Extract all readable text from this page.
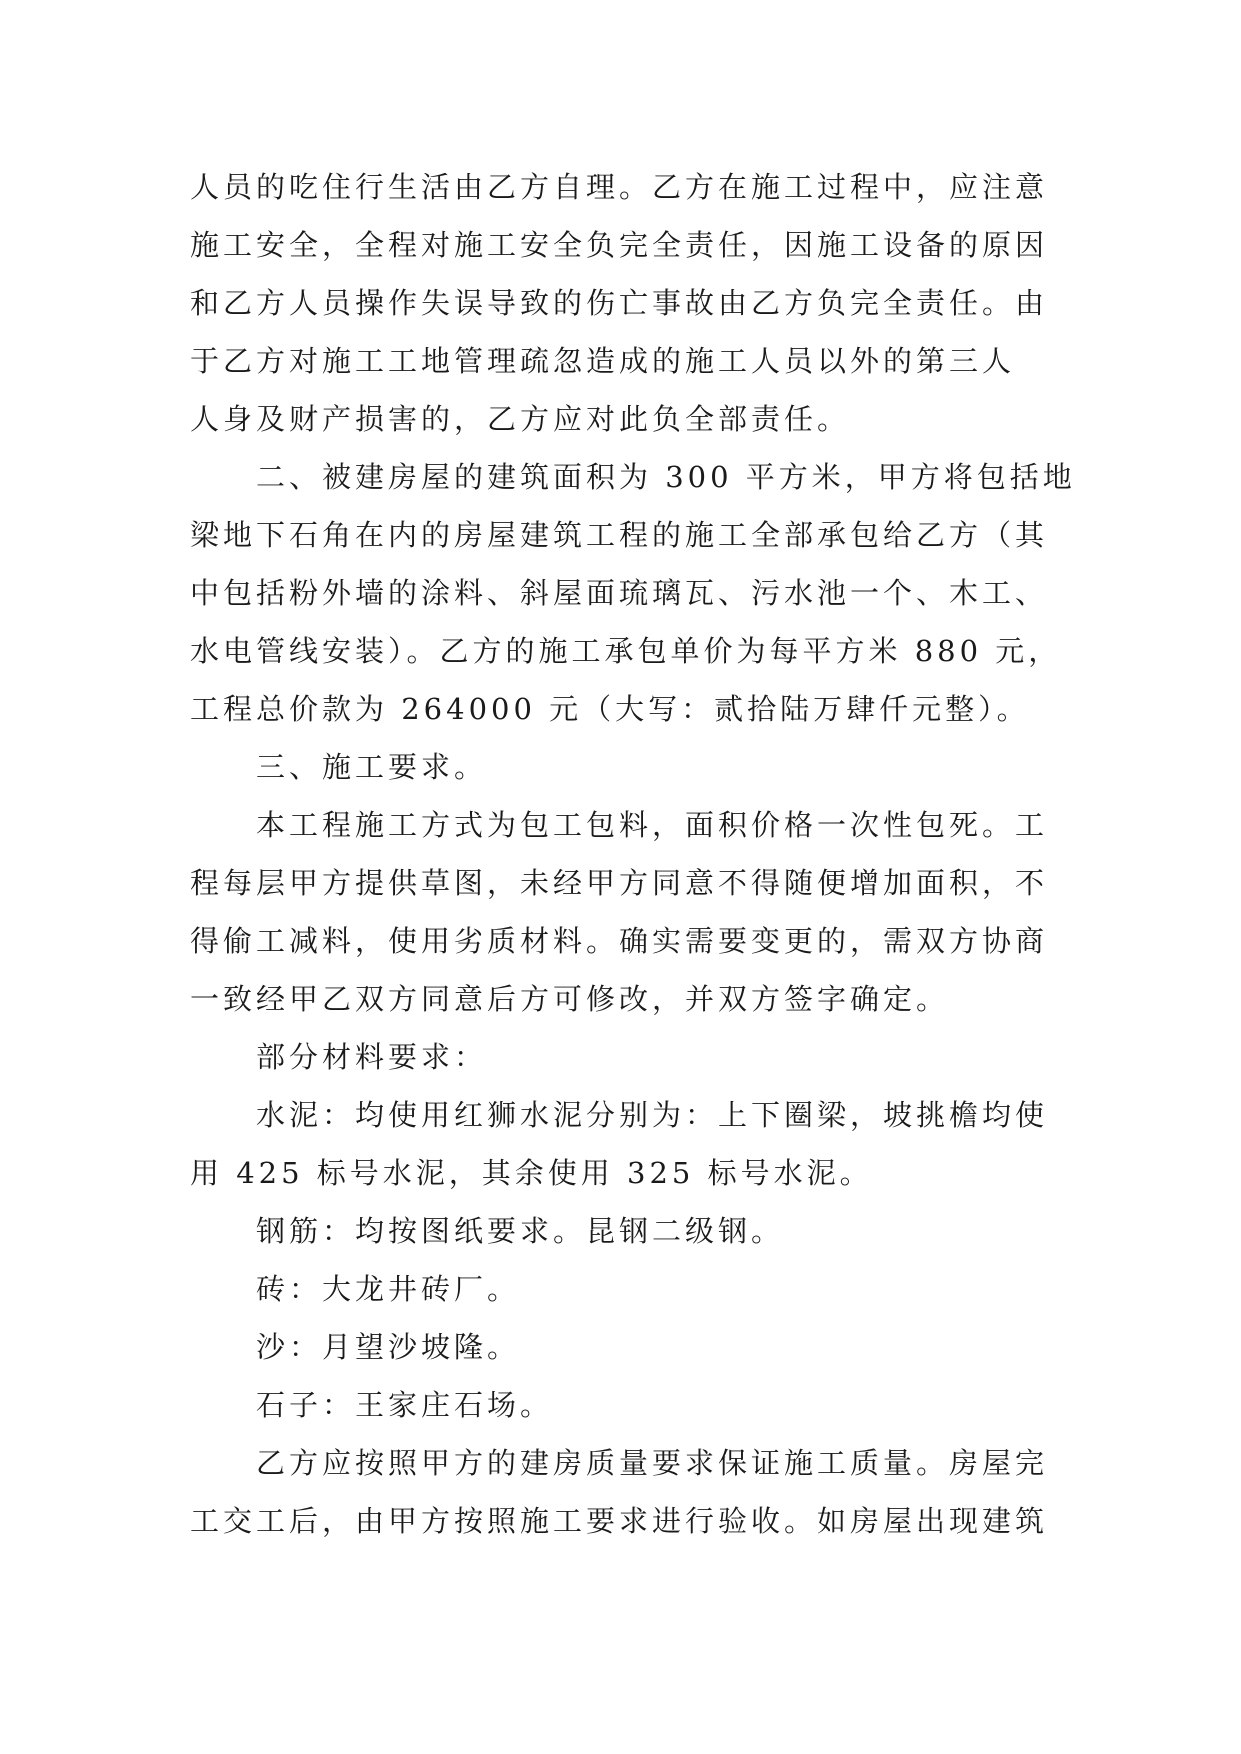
人员的吃住行生活由乙方自理。乙方在施工过程中，应注意
施工安全，全程对施工安全负完全责任，因施工设备的原因
和乙方人员操作失误导致的伤亡事故由乙方负完全责任。由
于乙方对施工工地管理疏忽造成的施工人员以外的第三人
人身及财产损害的，乙方应对此负全部责任。
二、被建房屋的建筑面积为 300 平方米，甲方将包括地
梁地下石角在内的房屋建筑工程的施工全部承包给乙方（其
中包括粉外墙的涂料、斜屋面琉璃瓦、污水池一个、木工、
水电管线安装）。乙方的施工承包单价为每平方米 880 元，
工程总价款为 264000 元（大写：贰拾陆万肆仟元整）。
三、施工要求。
本工程施工方式为包工包料，面积价格一次性包死。工
程每层甲方提供草图，未经甲方同意不得随便增加面积，不
得偷工减料，使用劣质材料。确实需要变更的，需双方协商
一致经甲乙双方同意后方可修改，并双方签字确定。
部分材料要求：
水泥：均使用红狮水泥分别为：上下圈梁，坡挑檐均使
用 425 标号水泥，其余使用 325 标号水泥。
钢筋：均按图纸要求。昆钢二级钢。
砖：大龙井砖厂。
沙：月望沙坡隆。
石子：王家庄石场。
乙方应按照甲方的建房质量要求保证施工质量。房屋完
工交工后，由甲方按照施工要求进行验收。如房屋出现建筑
